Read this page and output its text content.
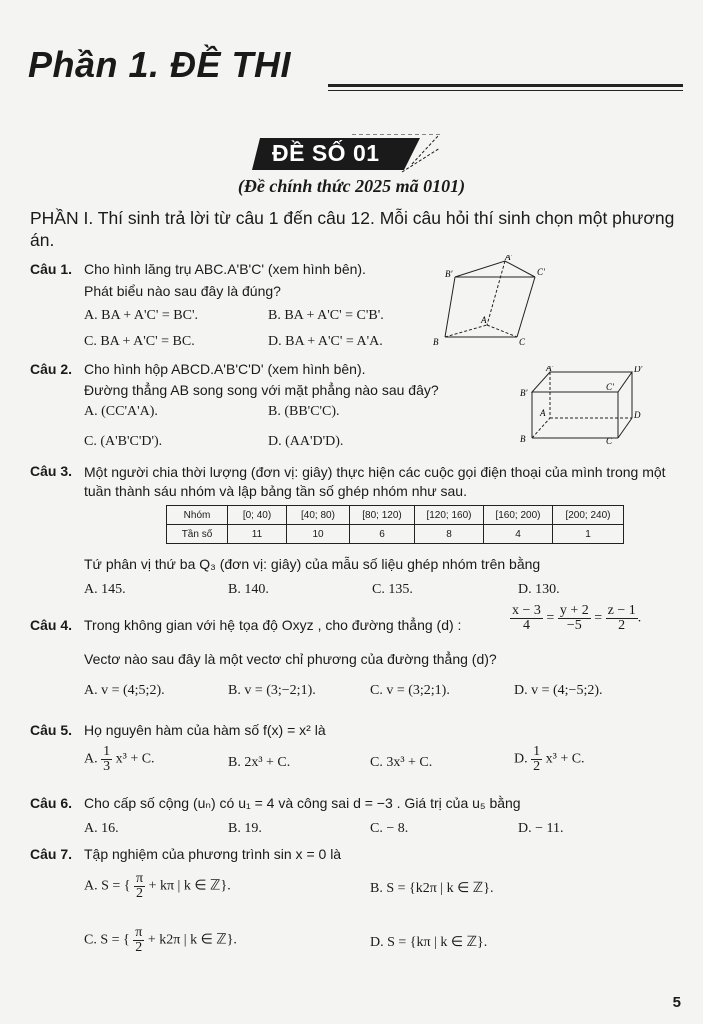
Phần 1. ĐỀ THI
ĐỀ SỐ 01
(Đề chính thức 2025 mã 0101)
PHẦN I. Thí sinh trả lời từ câu 1 đến câu 12. Mỗi câu hỏi thí sinh chọn một phương án.
Câu 1. Cho hình lăng trụ ABC.A'B'C' (xem hình bên).
Phát biểu nào sau đây là đúng?
A. BA + A'C' = BC'.	B. BA + A'C' = C'B'.
C. BA + A'C' = BC.	D. BA + A'C' = A'A.
B'
A'
C'
B
A
C
Câu 2. Cho hình hộp ABCD.A'B'C'D' (xem hình bên).
Đường thẳng AB song song với mặt phẳng nào sau đây?
A. (CC'A'A).	B. (BB'C'C).
C. (A'B'C'D').	D. (AA'D'D).
A'	D'
B'
C'
A	D
B	C
Câu 3. Một người chia thời lượng (đơn vị: giây) thực hiện các cuộc gọi điện thoại của mình trong một tuần thành sáu nhóm và lập bảng tần số ghép nhóm như sau.
Nhóm	[0; 40)	[40; 80)	[80; 120)	[120; 160)	[160; 200)	[200; 240)
Tần số	11	10	6	8	4	1
Tứ phân vị thứ ba Q₃ (đơn vị: giây) của mẫu số liệu ghép nhóm trên bằng
A. 145.	B. 140.	C. 135.	D. 130.
Câu 4. Trong không gian với hệ tọa độ Oxyz , cho đường thẳng (d) :	$\frac{x - 3}{4} = \frac{y + 2}{-5} = \frac{z - 1}{2}$ .
Vectơ nào sau đây là một vectơ chỉ phương của đường thẳng (d)?
A. v = (4;5;2).	B. v = (3;−2;1).	C. v = (3;2;1).	D. v = (4;−5;2).
Câu 5. Họ nguyên hàm của hàm số f(x) = x² là
A. $\frac{1}{3} x^3 + C$.	B. 2x³ + C.	C. 3x³ + C.	D. $\frac{1}{2} x^3 + C$.
Câu 6. Cho cấp số cộng (uₙ) có u₁ = 4 và công sai d = −3 . Giá trị của u₅ bằng
A. 16.	B. 19.	C. − 8.	D. − 11.
Câu 7. Tập nghiệm của phương trình sin x = 0 là
A. S = { $\frac{\pi}{2} + k\pi$ | k ∈ ℤ}.	B. S = {k2π | k ∈ ℤ}.
C. S = { $\frac{\pi}{2} + k2\pi$ | k ∈ ℤ}.	D. S = {kπ | k ∈ ℤ}.
5
